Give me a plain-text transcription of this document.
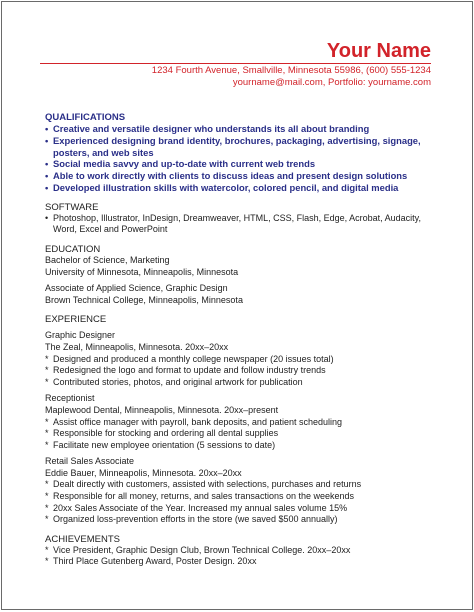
Your Name
1234 Fourth Avenue, Smallville, Minnesota 55986, (600) 555-1234
yourname@mail.com, Portfolio: yourname.com
QUALIFICATIONS
• Creative and versatile designer who understands its all about branding
• Experienced designing brand identity, brochures, packaging, advertising, signage, posters, and web sites
• Social media savvy and up-to-date with current web trends
• Able to work directly with clients to discuss ideas and present design solutions
• Developed illustration skills with watercolor, colored pencil, and digital media
SOFTWARE
• Photoshop, Illustrator, InDesign, Dreamweaver, HTML, CSS, Flash, Edge, Acrobat, Audacity, Word, Excel and PowerPoint
EDUCATION
Bachelor of Science, Marketing
University of Minnesota, Minneapolis, Minnesota
Associate of Applied Science, Graphic Design
Brown Technical College, Minneapolis, Minnesota
EXPERIENCE
Graphic Designer
The Zeal, Minneapolis, Minnesota. 20xx–20xx
* Designed and produced a monthly college newspaper (20 issues total)
* Redesigned the logo and format to update and follow industry trends
* Contributed stories, photos, and original artwork for publication
Receptionist
Maplewood Dental, Minneapolis, Minnesota. 20xx–present
* Assist office manager with payroll, bank deposits, and patient scheduling
* Responsible for stocking and ordering all dental supplies
* Facilitate new employee orientation (5 sessions to date)
Retail Sales Associate
Eddie Bauer, Minneapolis, Minnesota. 20xx–20xx
* Dealt directly with customers, assisted with selections, purchases and returns
* Responsible for all money, returns, and sales transactions on the weekends
* 20xx Sales Associate of the Year. Increased my annual sales volume 15%
* Organized loss-prevention efforts in the store (we saved $500 annually)
ACHIEVEMENTS
* Vice President, Graphic Design Club, Brown Technical College. 20xx–20xx
* Third Place Gutenberg Award, Poster Design. 20xx
